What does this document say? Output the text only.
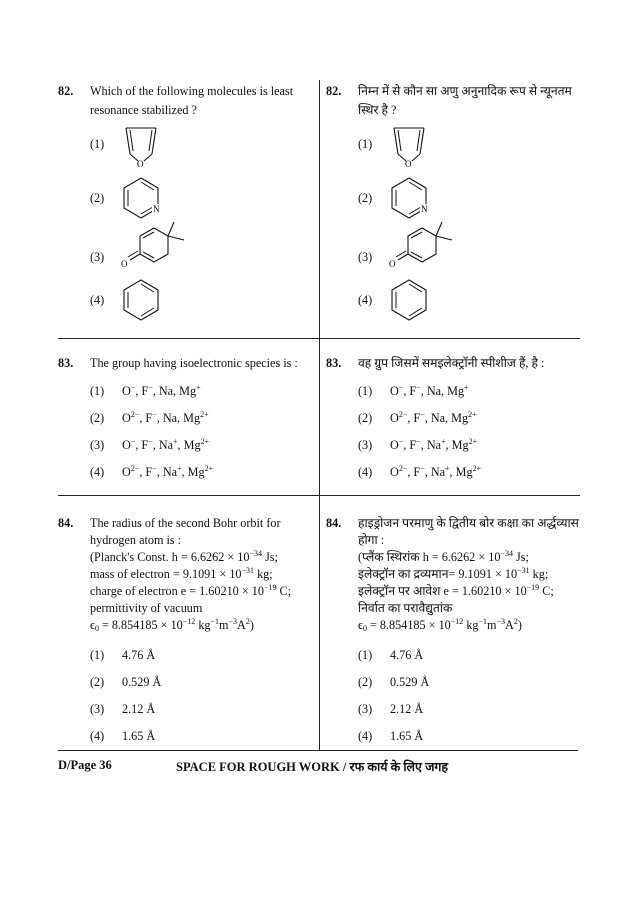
82. Which of the following molecules is least
resonance stabilized ?
(1)
O
(2)
N
(3) O
(4)
83. The group having isoelectronic species is :
(1) O−, F−, Na, Mg+
(2) $O^{2-}$, F−, Na, $Mg^{2+}$
(3) O−, F−, Na+, $Mg^{2+}$
(4) $O^{2-}$, F−, Na+, $Mg^{2+}$
84. The radius of the second Bohr orbit for
hydrogen atom is :
(Planck's Const. $h = 6.6262 \times 10^{-34}$ Js;
mass of electron = $9.1091 \times 10^{-31}$ kg;
charge of electron $e = 1.60210 \times 10^{-19}$ C;
permittivity of vacuum
$\epsilon_0 = 8.854185 \times 10^{-12}$ $kg^{-1}m^{-3}A^2$)
(1) 4.76 Å
(2) 0.529 Å
(3) 2.12 Å
(4) 1.65 Å
82. निम्न में से कौन सा अणु अनुनादिक रूप से न्यूनतम
स्थिर है ?
(1)
O
(2)
N
(3) O
(4)
83. वह ग्रुप जिसमें समइलेक्ट्रॉनी स्पीशीज हैं, है :
(1) O−, F−, Na, Mg+
(2) $O^{2-}$, F−, Na, $Mg^{2+}$
(3) O−, F−, Na+, $Mg^{2+}$
(4) $O^{2-}$, F−, Na+, $Mg^{2+}$
84. हाइड्रोजन परमाणु के द्वितीय बोर कक्षा का अर्द्धव्यास
होगा :
(प्लैंक स्थिरांक $h = 6.6262 \times 10^{-34}$ Js;
इलेक्ट्रॉन का द्रव्यमान= $9.1091 \times 10^{-31}$ kg;
इलेक्ट्रॉन पर आवेश $e = 1.60210 \times 10^{-19}$ C;
निर्वात का परावैद्युतांक
$\epsilon_0 = 8.854185 \times 10^{-12}$ $kg^{-1}m^{-3}A^2$)
(1) 4.76 Å
(2) 0.529 Å
(3) 2.12 Å
(4) 1.65 Å
D/Page 36	SPACE FOR ROUGH WORK / रफ कार्य के लिए जगह
